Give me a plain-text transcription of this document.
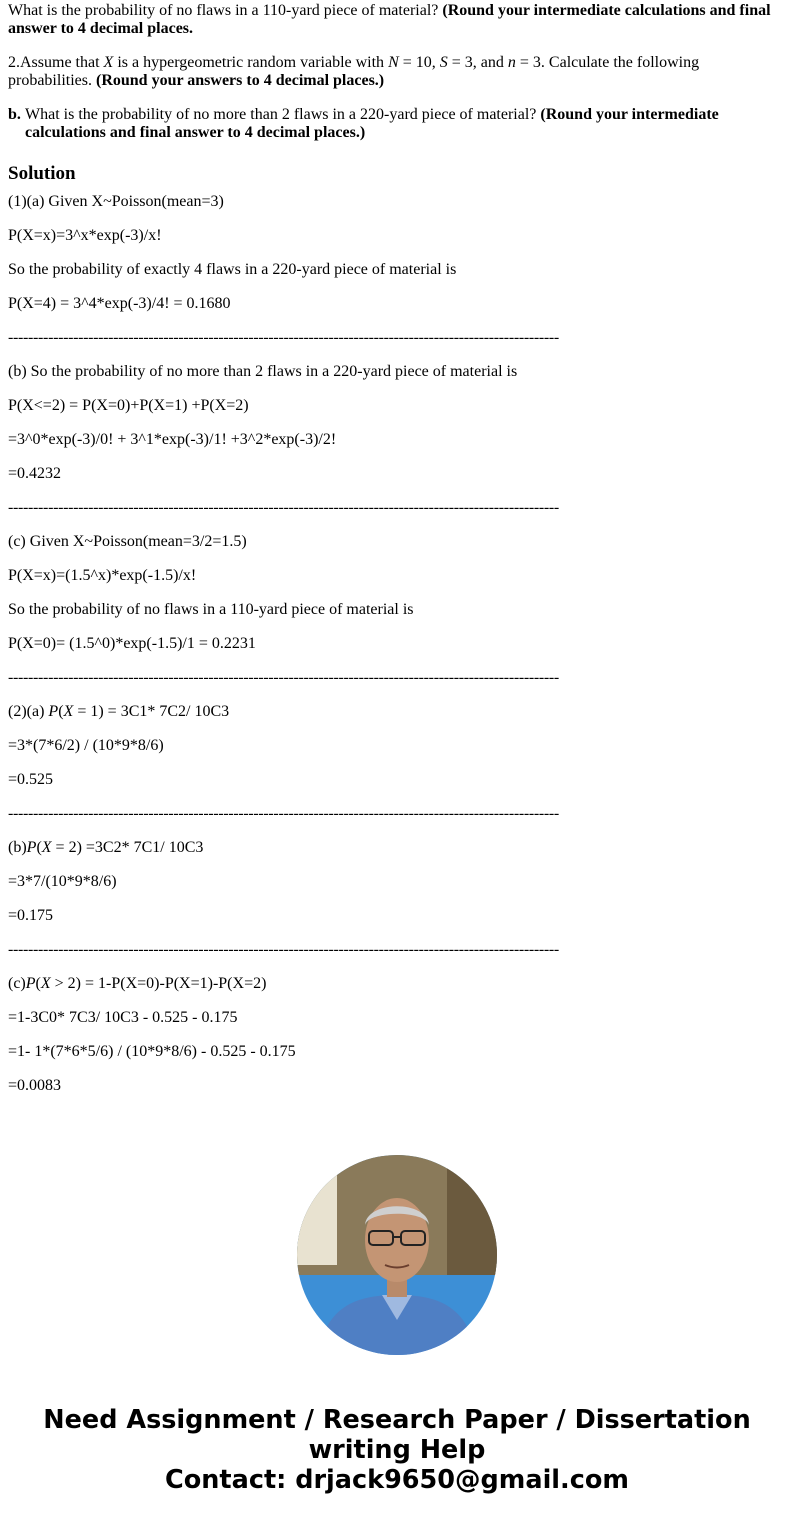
What is the probability of no flaws in a 110-yard piece of material? (Round your intermediate calculations and final answer to 4 decimal places.

2.Assume that X is a hypergeometric random variable with N = 10, S = 3, and n = 3. Calculate the following probabilities. (Round your answers to 4 decimal places.)

b. What is the probability of no more than 2 flaws in a 220-yard piece of material? (Round your intermediate calculations and final answer to 4 decimal places.)
Solution

(1)(a) Given X~Poisson(mean=3)

P(X=x)=3^x*exp(-3)/x!

So the probability of exactly 4 flaws in a 220-yard piece of material is

P(X=4) = 3^4*exp(-3)/4! = 0.1680

--------------------------------------------------------------------------------------------------------------

(b) So the probability of no more than 2 flaws in a 220-yard piece of material is

P(X<=2) = P(X=0)+P(X=1) +P(X=2)

=3^0*exp(-3)/0! + 3^1*exp(-3)/1! +3^2*exp(-3)/2!

=0.4232

--------------------------------------------------------------------------------------------------------------

(c) Given X~Poisson(mean=3/2=1.5)

P(X=x)=(1.5^x)*exp(-1.5)/x!

So the probability of no flaws in a 110-yard piece of material is

P(X=0)= (1.5^0)*exp(-1.5)/1 = 0.2231

--------------------------------------------------------------------------------------------------------------

(2)(a) P(X = 1) = 3C1* 7C2/ 10C3

=3*(7*6/2) / (10*9*8/6)

=0.525

--------------------------------------------------------------------------------------------------------------

(b)P(X = 2) =3C2* 7C1/ 10C3

=3*7/(10*9*8/6)

=0.175

--------------------------------------------------------------------------------------------------------------

(c)P(X > 2) = 1-P(X=0)-P(X=1)-P(X=2)

=1-3C0* 7C3/ 10C3 - 0.525 - 0.175

=1- 1*(7*6*5/6) / (10*9*8/6) - 0.525 - 0.175

=0.0083

Need Assignment / Research Paper / Dissertation
writing Help
Contact: drjack9650@gmail.com
